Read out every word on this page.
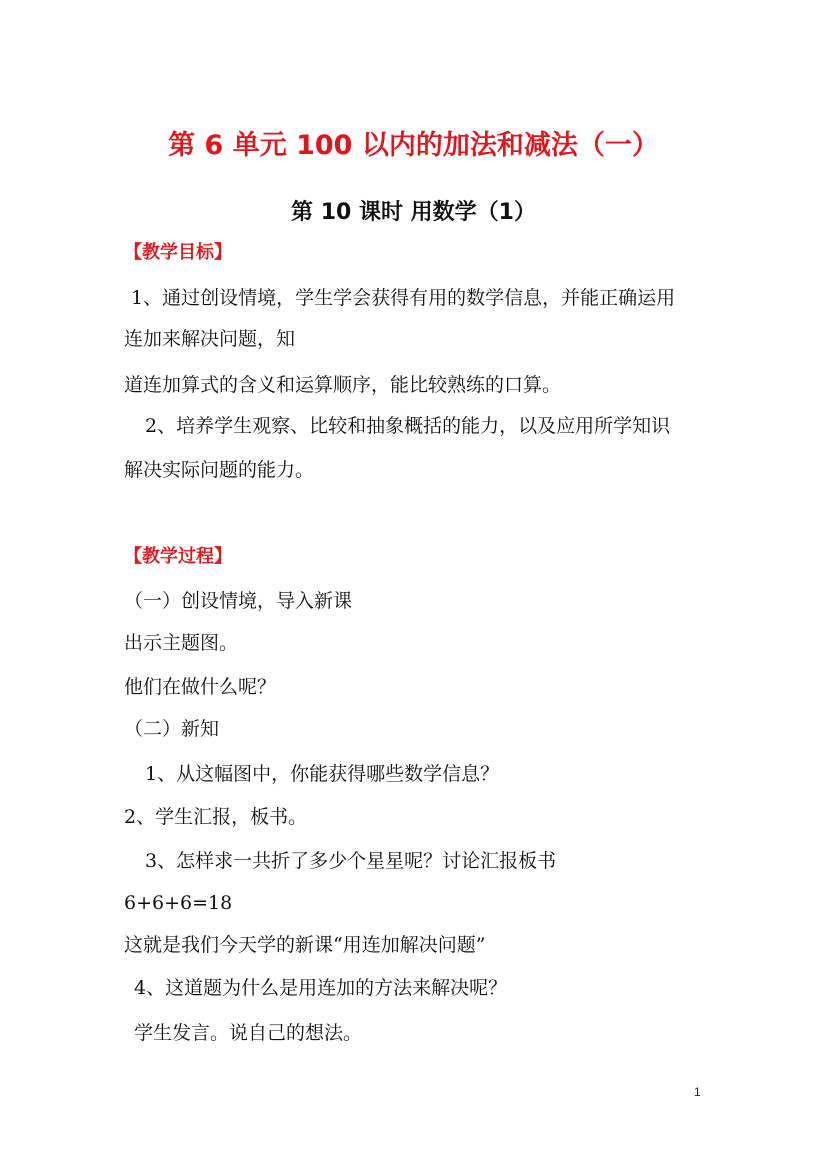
第 6 单元 100 以内的加法和减法（一）
第 10 课时 用数学（1）
【教学目标】
1、通过创设情境，学生学会获得有用的数学信息，并能正确运用
连加来解决问题，知
道连加算式的含义和运算顺序，能比较熟练的口算。
2、培养学生观察、比较和抽象概括的能力，以及应用所学知识
解决实际问题的能力。
【教学过程】
（一）创设情境，导入新课
出示主题图。
他们在做什么呢？
（二）新知
1、从这幅图中，你能获得哪些数学信息？
2、学生汇报，板书。
3、怎样求一共折了多少个星星呢？讨论汇报板书
6+6+6=18
这就是我们今天学的新课“用连加解决问题”
4、这道题为什么是用连加的方法来解决呢？
学生发言。说自己的想法。
1
